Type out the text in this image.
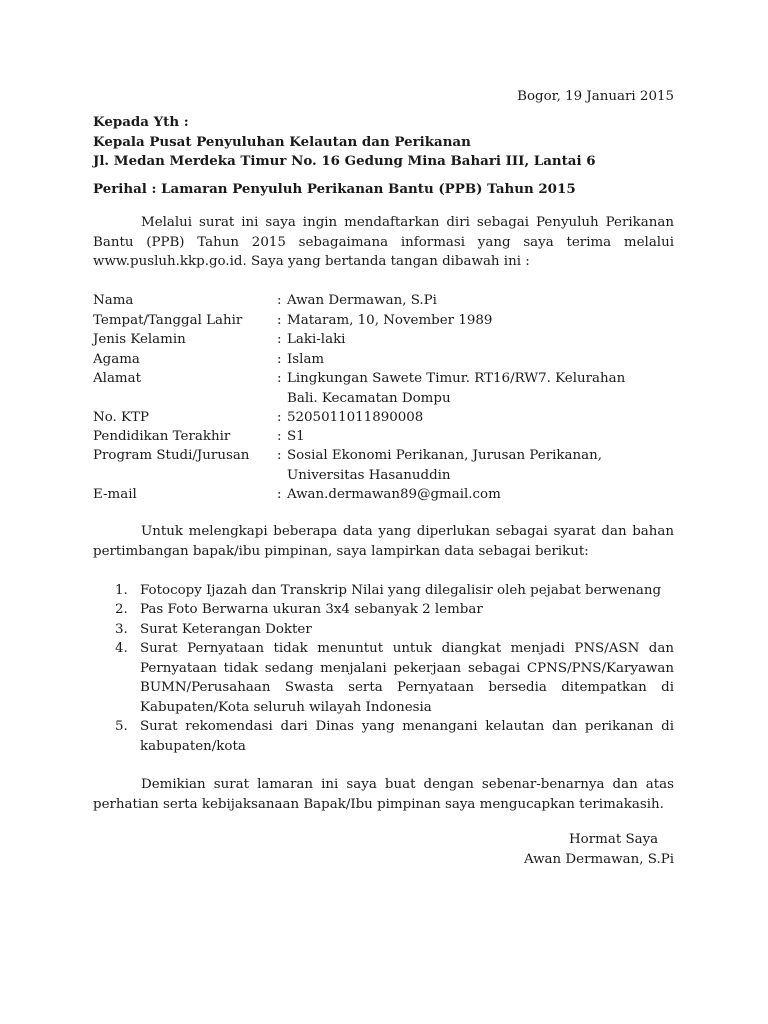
Bogor, 19 Januari 2015
Kepada Yth :
Kepala Pusat Penyuluhan Kelautan dan Perikanan
Jl. Medan Merdeka Timur No. 16 Gedung Mina Bahari III, Lantai 6
Perihal : Lamaran Penyuluh Perikanan Bantu (PPB) Tahun 2015
Melalui surat ini saya ingin mendaftarkan diri sebagai Penyuluh Perikanan Bantu (PPB) Tahun 2015 sebagaimana informasi yang saya terima melalui www.pusluh.kkp.go.id. Saya yang bertanda tangan dibawah ini :
Nama	: Awan Dermawan, S.Pi
Tempat/Tanggal Lahir	: Mataram, 10, November 1989
Jenis Kelamin	: Laki-laki
Agama	: Islam
Alamat	: Lingkungan Sawete Timur. RT16/RW7. Kelurahan Bali. Kecamatan Dompu
No. KTP	: 5205011011890008
Pendidikan Terakhir	: S1
Program Studi/Jurusan : Sosial Ekonomi Perikanan, Jurusan Perikanan, Universitas Hasanuddin
E-mail	: Awan.dermawan89@gmail.com
Untuk melengkapi beberapa data yang diperlukan sebagai syarat dan bahan pertimbangan bapak/ibu pimpinan, saya lampirkan data sebagai berikut:
1. Fotocopy Ijazah dan Transkrip Nilai yang dilegalisir oleh pejabat berwenang
2. Pas Foto Berwarna ukuran 3x4 sebanyak 2 lembar
3. Surat Keterangan Dokter
4. Surat Pernyataan tidak menuntut untuk diangkat menjadi PNS/ASN dan Pernyataan tidak sedang menjalani pekerjaan sebagai CPNS/PNS/Karyawan BUMN/Perusahaan Swasta serta Pernyataan bersedia ditempatkan di Kabupaten/Kota seluruh wilayah Indonesia
5. Surat rekomendasi dari Dinas yang menangani kelautan dan perikanan di kabupaten/kota
Demikian surat lamaran ini saya buat dengan sebenar-benarnya dan atas perhatian serta kebijaksanaan Bapak/Ibu pimpinan saya mengucapkan terimakasih.
Hormat Saya
Awan Dermawan, S.Pi
